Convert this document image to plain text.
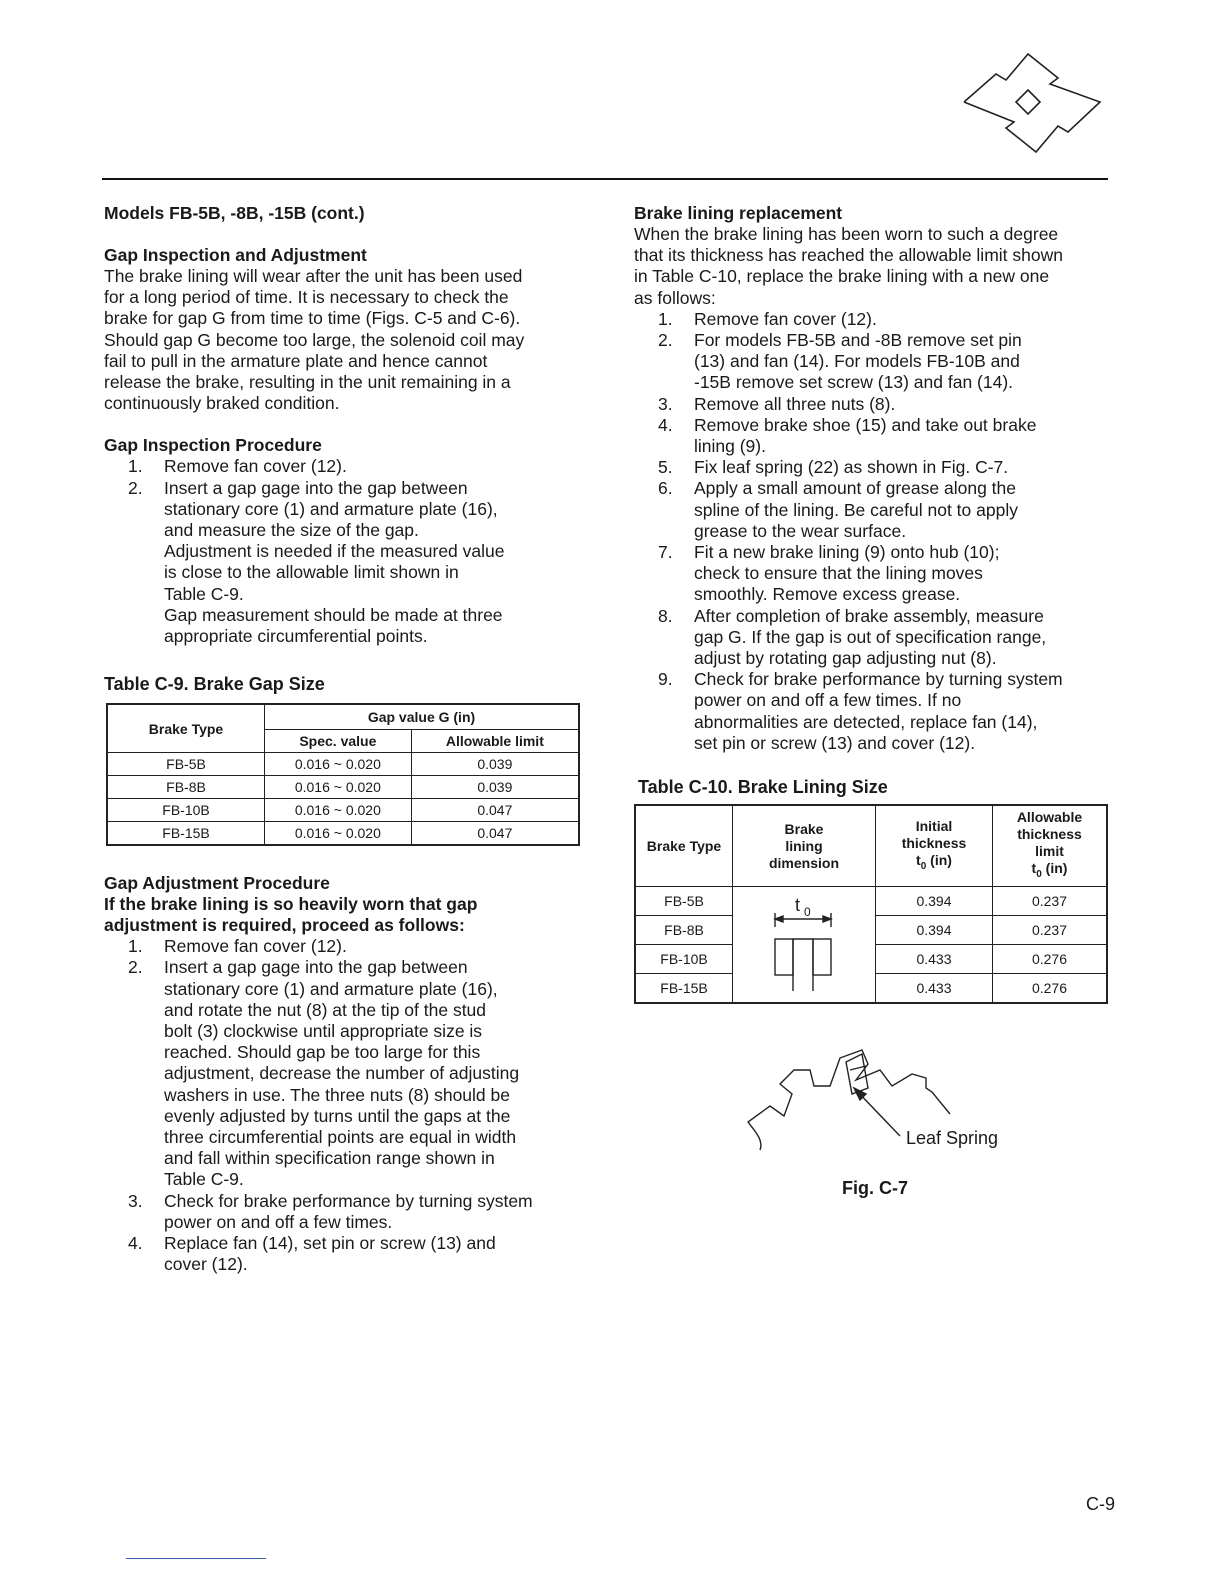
Models FB-5B, -8B, -15B (cont.)
Gap Inspection and Adjustment

The brake lining will wear after the unit has been used
for a long period of time. It is necessary to check the
brake for gap G from time to time (Figs. C-5 and C-6).
Should gap G become too large, the solenoid coil may
fail to pull in the armature plate and hence cannot
release the brake, resulting in the unit remaining in a
continuously braked condition.

Gap Inspection Procedure
1. Remove fan cover (12).
2. Insert a gap gage into the gap between
stationary core (1) and armature plate (16),
and measure the size of the gap.
Adjustment is needed if the measured value
is close to the allowable limit shown in
Table C-9.
Gap measurement should be made at three
appropriate circumferential points.
Table C-9. Brake Gap Size
Brake Type	Gap value G (in)	
	Spec. value	Allowable limit
FB-5B	0.016 ~ 0.020	0.039
FB-8B	0.016 ~ 0.020	0.039
FB-10B	0.016 ~ 0.020	0.047
FB-15B	0.016 ~ 0.020	0.047
Gap Adjustment Procedure

If the brake lining is so heavily worn that gap
adjustment is required, proceed as follows:

1. Remove fan cover (12).
2. Insert a gap gage into the gap between
stationary core (1) and armature plate (16),
and rotate the nut (8) at the tip of the stud
bolt (3) clockwise until appropriate size is
reached. Should gap be too large for this
adjustment, decrease the number of adjusting
washers in use. The three nuts (8) should be
evenly adjusted by turns until the gaps at the
three circumferential points are equal in width
and fall within specification range shown in
Table C-9.
3. Check for brake performance by turning system
power on and off a few times.
4. Replace fan (14), set pin or screw (13) and
cover (12).
Brake lining replacement

When the brake lining has been worn to such a degree
that its thickness has reached the allowable limit shown
in Table C-10, replace the brake lining with a new one
as follows:

1. Remove fan cover (12).
2. For models FB-5B and -8B remove set pin
(13) and fan (14). For models FB-10B and
-15B remove set screw (13) and fan (14).
3. Remove all three nuts (8).
4. Remove brake shoe (15) and take out brake
lining (9).
5. Fix leaf spring (22) as shown in Fig. C-7.
6. Apply a small amount of grease along the
spline of the lining. Be careful not to apply
grease to the wear surface.
7. Fit a new brake lining (9) onto hub (10);
check to ensure that the lining moves
smoothly. Remove excess grease.
8. After completion of brake assembly, measure
gap G. If the gap is out of specification range,
adjust by rotating gap adjusting nut (8).
9. Check for brake performance by turning system
power on and off a few times. If no
abnormalities are detected, replace fan (14),
set pin or screw (13) and cover (12).
Table C-10. Brake Lining Size
Brake Type	Brake
lining
dimension	Initial
thickness
$t_0$ (in)	Allowable
thickness
limit
$t_0$ (in)
FB-5B	t 0	0.394	0.237
FB-8B		0.394	0.237
FB-10B		0.433	0.276
FB-15B		0.433	0.276
Leaf Spring
Fig. C-7
C-9
